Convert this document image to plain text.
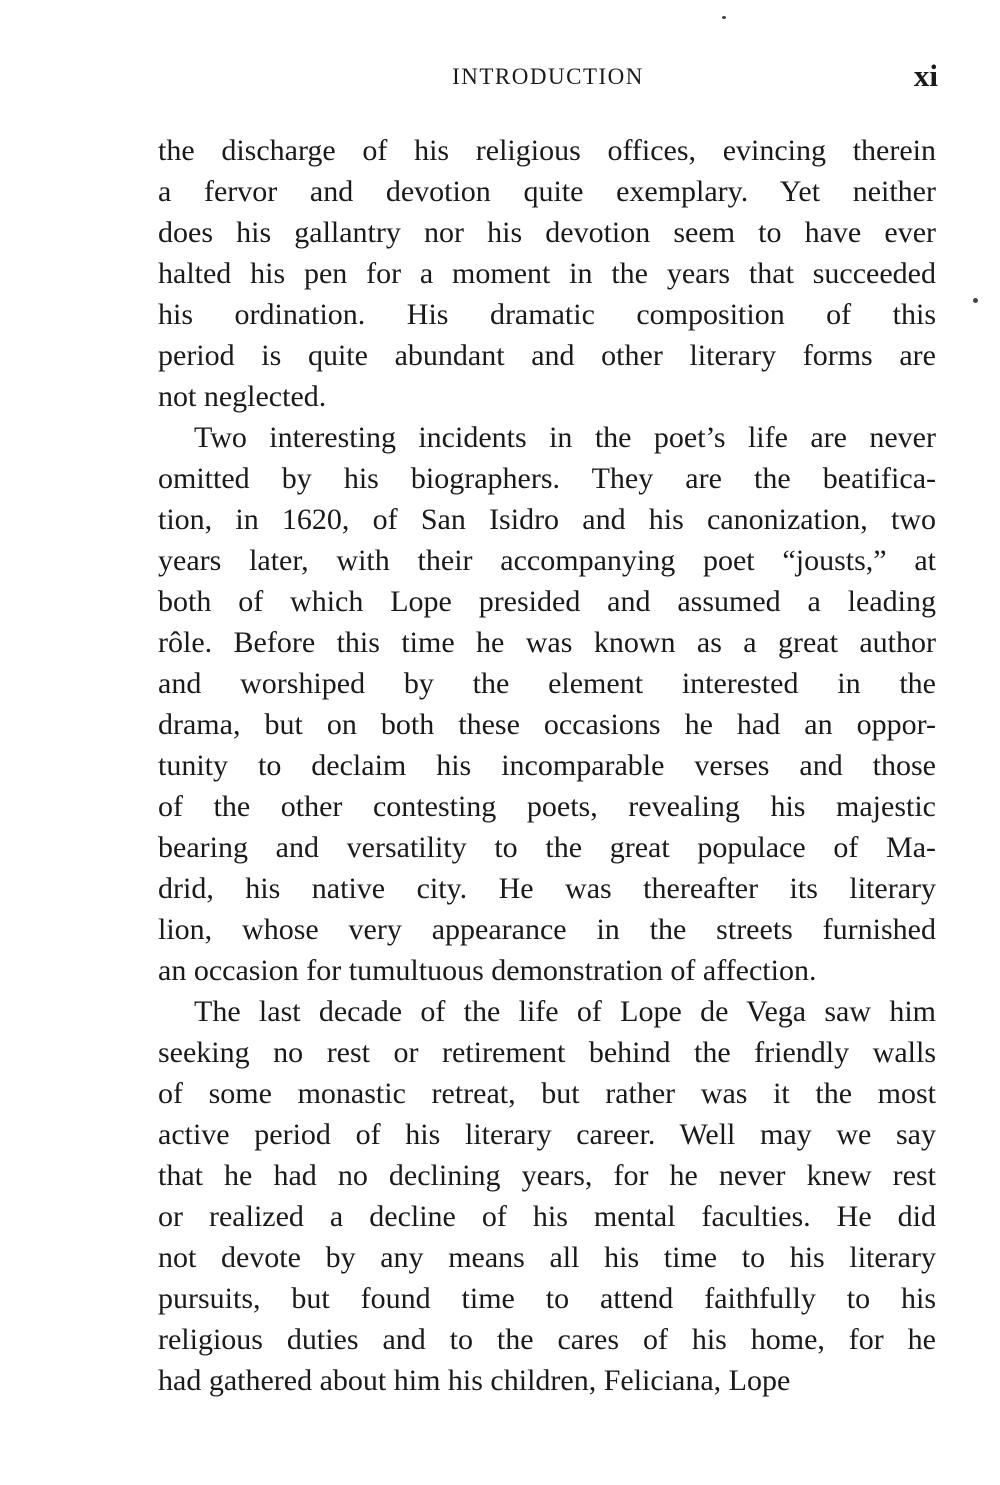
INTRODUCTION	xi
the discharge of his religious offices, evincing therein
a fervor and devotion quite exemplary. Yet neither
does his gallantry nor his devotion seem to have ever
halted his pen for a moment in the years that succeeded
his ordination. His dramatic composition of this
period is quite abundant and other literary forms are
not neglected.
Two interesting incidents in the poet’s life are never
omitted by his biographers. They are the beatifica-
tion, in 1620, of San Isidro and his canonization, two
years later, with their accompanying poet “jousts,” at
both of which Lope presided and assumed a leading
rôle. Before this time he was known as a great author
and worshiped by the element interested in the
drama, but on both these occasions he had an oppor-
tunity to declaim his incomparable verses and those
of the other contesting poets, revealing his majestic
bearing and versatility to the great populace of Ma-
drid, his native city. He was thereafter its literary
lion, whose very appearance in the streets furnished
an occasion for tumultuous demonstration of affection.
The last decade of the life of Lope de Vega saw him
seeking no rest or retirement behind the friendly walls
of some monastic retreat, but rather was it the most
active period of his literary career. Well may we say
that he had no declining years, for he never knew rest
or realized a decline of his mental faculties. He did
not devote by any means all his time to his literary
pursuits, but found time to attend faithfully to his
religious duties and to the cares of his home, for he
had gathered about him his children, Feliciana, Lope
